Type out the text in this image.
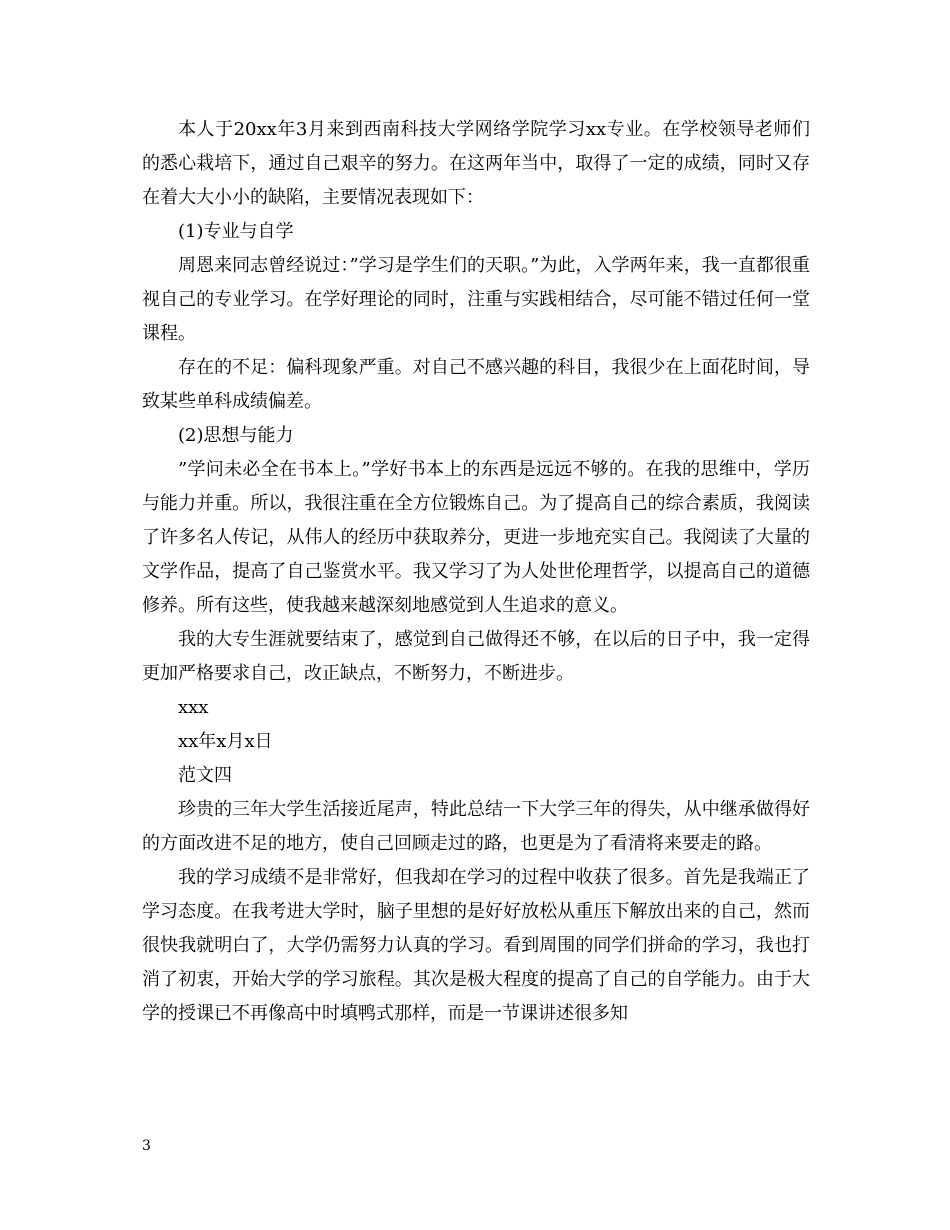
本人于20xx年3月来到西南科技大学网络学院学习xx专业。在学校领导老师们的悉心栽培下，通过自己艰辛的努力。在这两年当中，取得了一定的成绩，同时又存在着大大小小的缺陷，主要情况表现如下：

(1)专业与自学

周恩来同志曾经说过：”学习是学生们的天职。”为此，入学两年来，我一直都很重视自己的专业学习。在学好理论的同时，注重与实践相结合，尽可能不错过任何一堂课程。

存在的不足：偏科现象严重。对自己不感兴趣的科目，我很少在上面花时间，导致某些单科成绩偏差。

(2)思想与能力

”学问未必全在书本上。”学好书本上的东西是远远不够的。在我的思维中，学历与能力并重。所以，我很注重在全方位锻炼自己。为了提高自己的综合素质，我阅读了许多名人传记，从伟人的经历中获取养分，更进一步地充实自己。我阅读了大量的文学作品，提高了自己鉴赏水平。我又学习了为人处世伦理哲学，以提高自己的道德修养。所有这些，使我越来越深刻地感觉到人生追求的意义。

我的大专生涯就要结束了，感觉到自己做得还不够，在以后的日子中，我一定得更加严格要求自己，改正缺点，不断努力，不断进步。

xxx

xx年x月x日

范文四

珍贵的三年大学生活接近尾声，特此总结一下大学三年的得失，从中继承做得好的方面改进不足的地方，使自己回顾走过的路，也更是为了看清将来要走的路。

我的学习成绩不是非常好，但我却在学习的过程中收获了很多。首先是我端正了学习态度。在我考进大学时，脑子里想的是好好放松从重压下解放出来的自己，然而很快我就明白了，大学仍需努力认真的学习。看到周围的同学们拼命的学习，我也打消了初衷，开始大学的学习旅程。其次是极大程度的提高了自己的自学能力。由于大学的授课已不再像高中时填鸭式那样，而是一节课讲述很多知

3
